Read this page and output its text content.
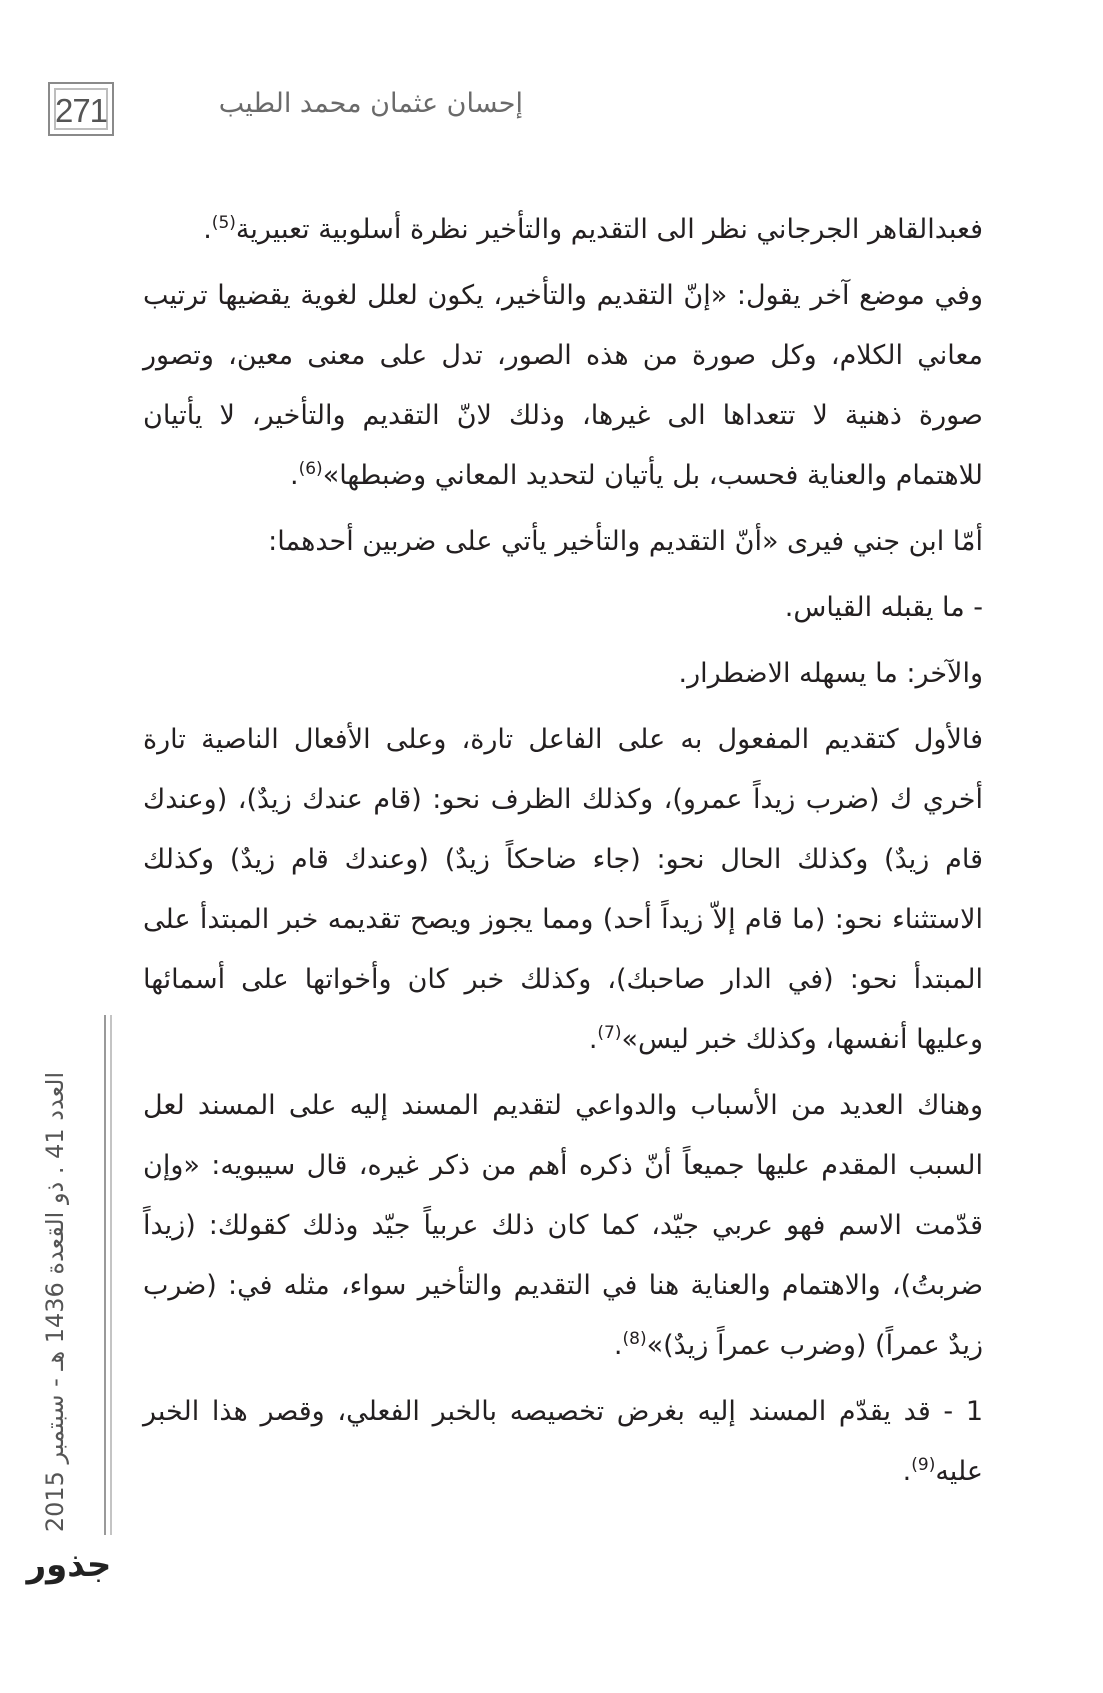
271	إحسان عثمان محمد الطيب

فعبدالقاهر الجرجاني نظر الى التقديم والتأخير نظرة أسلوبية تعبيرية$^{(5)}$.

وفي موضع آخر يقول: «إنّ التقديم والتأخير، يكون لعلل لغوية يقضيها ترتيب معاني الكلام، وكل صورة من هذه الصور، تدل على معنى معين، وتصور صورة ذهنية لا تتعداها الى غيرها، وذلك لانّ التقديم والتأخير، لا يأتيان للاهتمام والعناية فحسب، بل يأتيان لتحديد المعاني وضبطها»$^{(6)}$.

أمّا ابن جني فيرى «أنّ التقديم والتأخير يأتي على ضربين أحدهما:

- ما يقبله القياس.

والآخر: ما يسهله الاضطرار.

فالأول كتقديم المفعول به على الفاعل تارة، وعلى الأفعال الناصية تارة أخري ك (ضرب زيداً عمرو)، وكذلك الظرف نحو: (قام عندك زيدٌ)، (وعندك قام زيدٌ) وكذلك الحال نحو: (جاء ضاحكاً زيدٌ) (وعندك قام زيدٌ) وكذلك الاستثناء نحو: (ما قام إلاّ زيداً أحد) ومما يجوز ويصح تقديمه خبر المبتدأ على المبتدأ نحو: (في الدار صاحبك)، وكذلك خبر كان وأخواتها على أسمائها وعليها أنفسها، وكذلك خبر ليس»$^{(7)}$.

وهناك العديد من الأسباب والدواعي لتقديم المسند إليه على المسند لعل السبب المقدم عليها جميعاً أنّ ذكره أهم من ذكر غيره، قال سيبويه: «وإن قدّمت الاسم فهو عربي جيّد، كما كان ذلك عربياً جيّد وذلك كقولك: (زيداً ضربتُ)، والاهتمام والعناية هنا في التقديم والتأخير سواء، مثله في: (ضرب زيدٌ عمراً) (وضرب عمراً زيدٌ)»$^{(8)}$.

1 - قد يقدّم المسند إليه بغرض تخصيصه بالخبر الفعلي، وقصر هذا الخبر عليه$^{(9)}$.

العدد 41 . ذو القعدة 1436 هـ - سبتمبر 2015
جذور
